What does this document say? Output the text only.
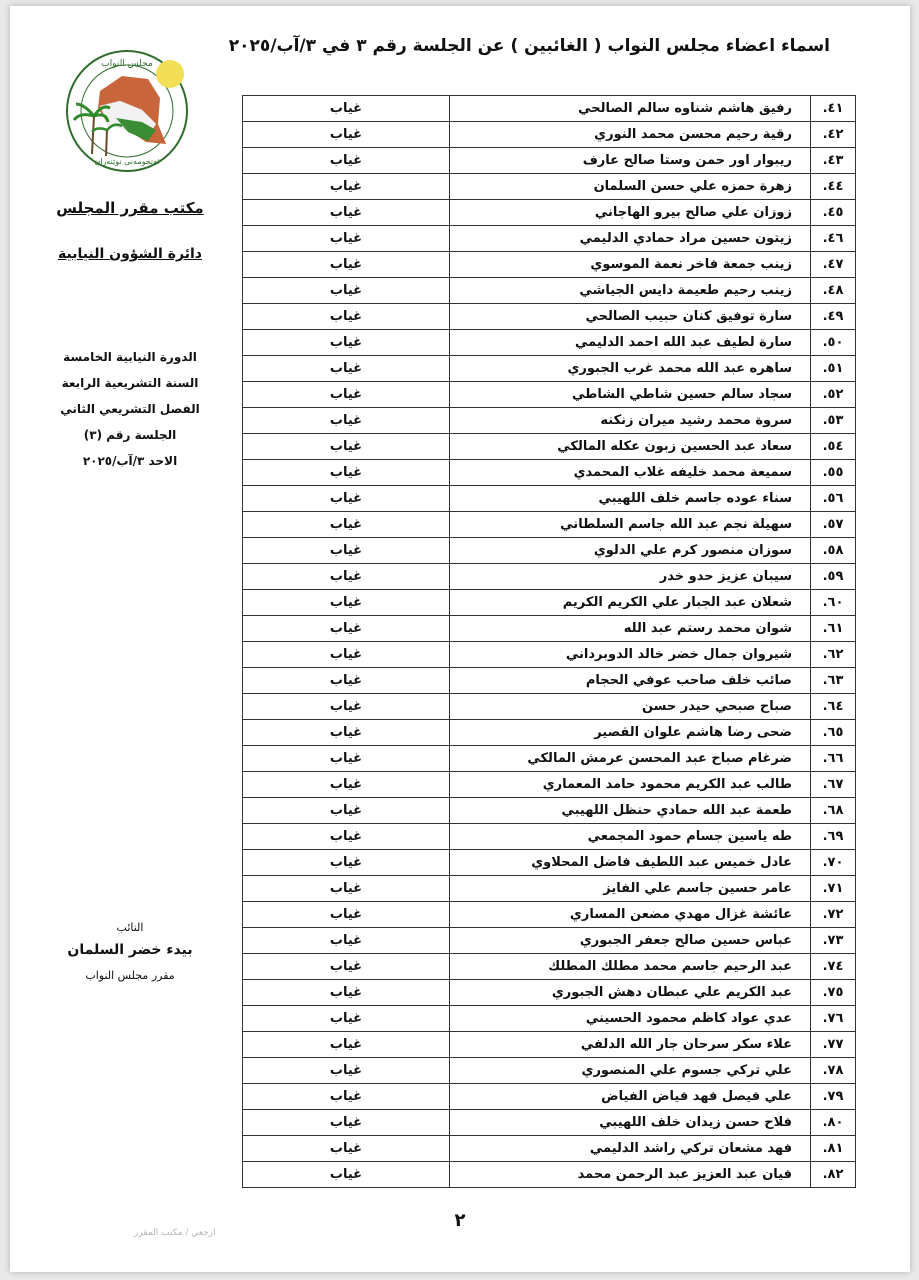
اسماء اعضاء مجلس النواب ( الغائبين ) عن الجلسة رقم ٣ في ٣/آب/٢٠٢٥
مجلس النواب
ئەنجومەنی نوێنەران
مكتب مقرر المجلس
دائرة الشؤون النيابية
الدورة النيابية الخامسة
السنة التشريعية الرابعة
الفصل التشريعي الثاني
الجلسة رقم (٣)
الاحد ٣/آب/٢٠٢٥
النائب
بيدء خضر السلمان
مقرر مجلس النواب
٤١.	رفيق هاشم شناوه سالم الصالحي	غياب
٤٢.	رقية رحيم محسن محمد النوري	غياب
٤٣.	ريبوار اور حمن وستا صالح عارف	غياب
٤٤.	زهرة حمزه علي حسن السلمان	غياب
٤٥.	زوزان علي صالح بيرو الهاجاني	غياب
٤٦.	زيتون حسين مراد حمادي الدليمي	غياب
٤٧.	زينب جمعة فاخر نعمة الموسوي	غياب
٤٨.	زينب رحيم طعيمة دايس الجياشي	غياب
٤٩.	سارة توفيق كنان حبيب الصالحي	غياب
٥٠.	سارة لطيف عبد الله احمد الدليمي	غياب
٥١.	ساهره عبد الله محمد غرب الجبوري	غياب
٥٢.	سجاد سالم حسين شاطي الشاطي	غياب
٥٣.	سروة محمد رشيد ميران زنكنه	غياب
٥٤.	سعاد عبد الحسين زبون عكله المالكي	غياب
٥٥.	سميعة محمد خليفه غلاب المحمدي	غياب
٥٦.	سناء عوده جاسم خلف اللهيبي	غياب
٥٧.	سهيلة نجم عبد الله جاسم السلطاني	غياب
٥٨.	سوزان منصور كرم علي الدلوي	غياب
٥٩.	سيبان عزيز حدو خدر	غياب
٦٠.	شعلان عبد الجبار علي الكريم الكريم	غياب
٦١.	شوان محمد رستم عبد الله	غياب
٦٢.	شيروان جمال خضر خالد الدوبرداني	غياب
٦٣.	صائب خلف صاحب عوفي الحجام	غياب
٦٤.	صباح صبحي حيدر حسن	غياب
٦٥.	ضحى رضا هاشم علوان القصير	غياب
٦٦.	ضرغام صباح عبد المحسن عرمش المالكي	غياب
٦٧.	طالب عبد الكريم محمود حامد المعماري	غياب
٦٨.	طعمة عبد الله حمادي حنظل اللهيبي	غياب
٦٩.	طه ياسين جسام حمود المجمعي	غياب
٧٠.	عادل خميس عبد اللطيف فاضل المحلاوي	غياب
٧١.	عامر حسين جاسم علي الفايز	غياب
٧٢.	عائشة غزال مهدي مضعن المساري	غياب
٧٣.	عباس حسين صالح جعفر الجبوري	غياب
٧٤.	عبد الرحيم جاسم محمد مطلك المطلك	غياب
٧٥.	عبد الكريم علي عبطان دهش الجبوري	غياب
٧٦.	عدي عواد كاظم محمود الحسيني	غياب
٧٧.	علاء سكر سرحان جار الله الدلفي	غياب
٧٨.	علي تركي جسوم علي المنصوري	غياب
٧٩.	علي فيصل فهد فياض الفياض	غياب
٨٠.	فلاح حسن زيدان خلف اللهيبي	غياب
٨١.	فهد مشعان تركي راشد الدليمي	غياب
٨٢.	فيان عبد العزيز عبد الرحمن محمد	غياب
٢
ارجعي / مكتب المقرر
